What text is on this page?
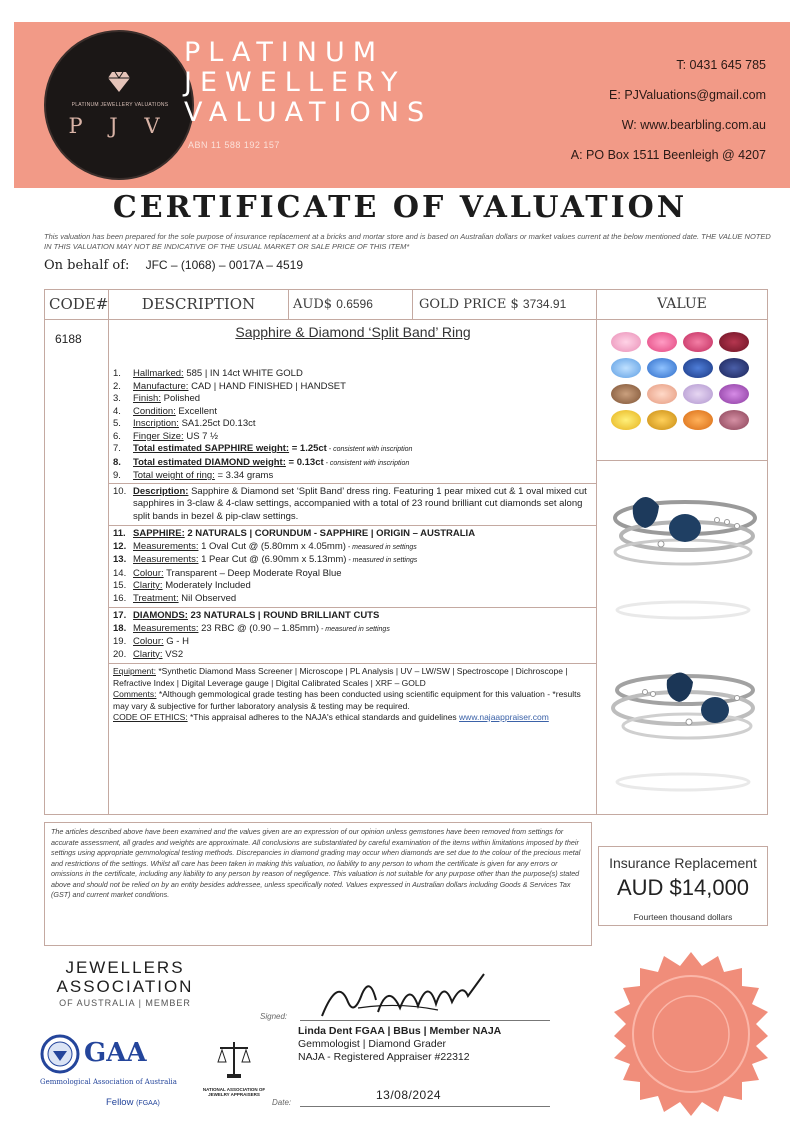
PLATINUM JEWELLERY VALUATIONS
P J V
PLATINUM
JEWELLERY
VALUATIONS
ABN 11 588 192 157
T: 0431 645 785
E: PJValuations@gmail.com
W: www.bearbling.com.au
A: PO Box 1511 Beenleigh @ 4207
CERTIFICATE OF VALUATION
This valuation has been prepared for the sole purpose of insurance replacement at a bricks and mortar store and is based on Australian dollars or market values current at the below mentioned date. THE VALUE NOTED IN THIS VALUATION MAY NOT BE INDICATIVE OF THE USUAL MARKET OR SALE PRICE OF THIS ITEM*
On behalf of: JFC – (1068) – 0017A – 4519
CODE#	DESCRIPTION	AUD$ 0.6596	GOLD PRICE $ 3734.91	VALUE
6188	Sapphire & Diamond ‘Split Band’ Ring
1.	Hallmarked: 585 | IN 14ct WHITE GOLD
2.	Manufacture: CAD | HAND FINISHED | HANDSET
3.	Finish: Polished
4.	Condition: Excellent
5.	Inscription: SA1.25ct D0.13ct
6.	Finger Size: US 7 ½
7.	Total estimated SAPPHIRE weight: = 1.25ct - consistent with inscription
8.	Total estimated DIAMOND weight: = 0.13ct - consistent with inscription
9.	Total weight of ring: = 3.34 grams
10. Description: Sapphire & Diamond set ‘Split Band’ dress ring. Featuring 1 pear mixed cut & 1 oval mixed cut sapphires in 3-claw & 4-claw settings, accompanied with a total of 23 round brilliant cut diamonds set along split bands in bezel & pip-claw settings.
11. SAPPHIRE: 2 NATURALS | CORUNDUM - SAPPHIRE | ORIGIN – AUSTRALIA
12. Measurements: 1 Oval Cut @ (5.80mm x 4.05mm) - measured in settings
13. Measurements: 1 Pear Cut @ (6.90mm x 5.13mm) - measured in settings
14. Colour: Transparent – Deep Moderate Royal Blue
15. Clarity: Moderately Included
16. Treatment: Nil Observed
17. DIAMONDS: 23 NATURALS | ROUND BRILLIANT CUTS
18. Measurements: 23 RBC @ (0.90 – 1.85mm) - measured in settings
19. Colour: G - H
20. Clarity: VS2
Equipment: *Synthetic Diamond Mass Screener | Microscope | PL Analysis | UV – LW/SW | Spectroscope | Dichroscope | Refractive Index | Digital Leverage gauge | Digital Calibrated Scales | XRF – GOLD
Comments: *Although gemmological grade testing has been conducted using scientific equipment for this valuation - *results may vary & subjective for further laboratory analysis & testing may be required.
CODE OF ETHICS: *This appraisal adheres to the NAJA's ethical standards and guidelines www.najaappraiser.com
The articles described above have been examined and the values given are an expression of our opinion unless gemstones have been removed from settings for accurate assessment, all grades and weights are approximate. All conclusions are substantiated by careful examination of the items within limitations imposed by their settings using appropriate gemmological testing methods. Discrepancies in diamond grading may occur when diamonds are set due to the colour of the precious metal and restrictions of the settings. Whilst all care has been taken in making this valuation, no liability to any person to whom the certificate is given for any errors or omissions in the certificate, including any liability to any person by reason of negligence. This valuation is not suitable for any purpose other than the purpose(s) stated above and should not be relied on by an entity besides addressee, unless specifically noted. Values expressed in Australian dollars including Goods & Services Tax (GST) and current market conditions.
Insurance Replacement
AUD $14,000
Fourteen thousand dollars
JEWELLERS
ASSOCIATION
OF AUSTRALIA | MEMBER
GAA
Gemmological Association of Australia
Fellow (FGAA)
NATIONAL ASSOCIATION OF JEWELRY APPRAISERS
Signed:
Linda Dent FGAA | BBus | Member NAJA
Gemmologist | Diamond Grader
NAJA - Registered Appraiser #22312
13/08/2024
Date:
